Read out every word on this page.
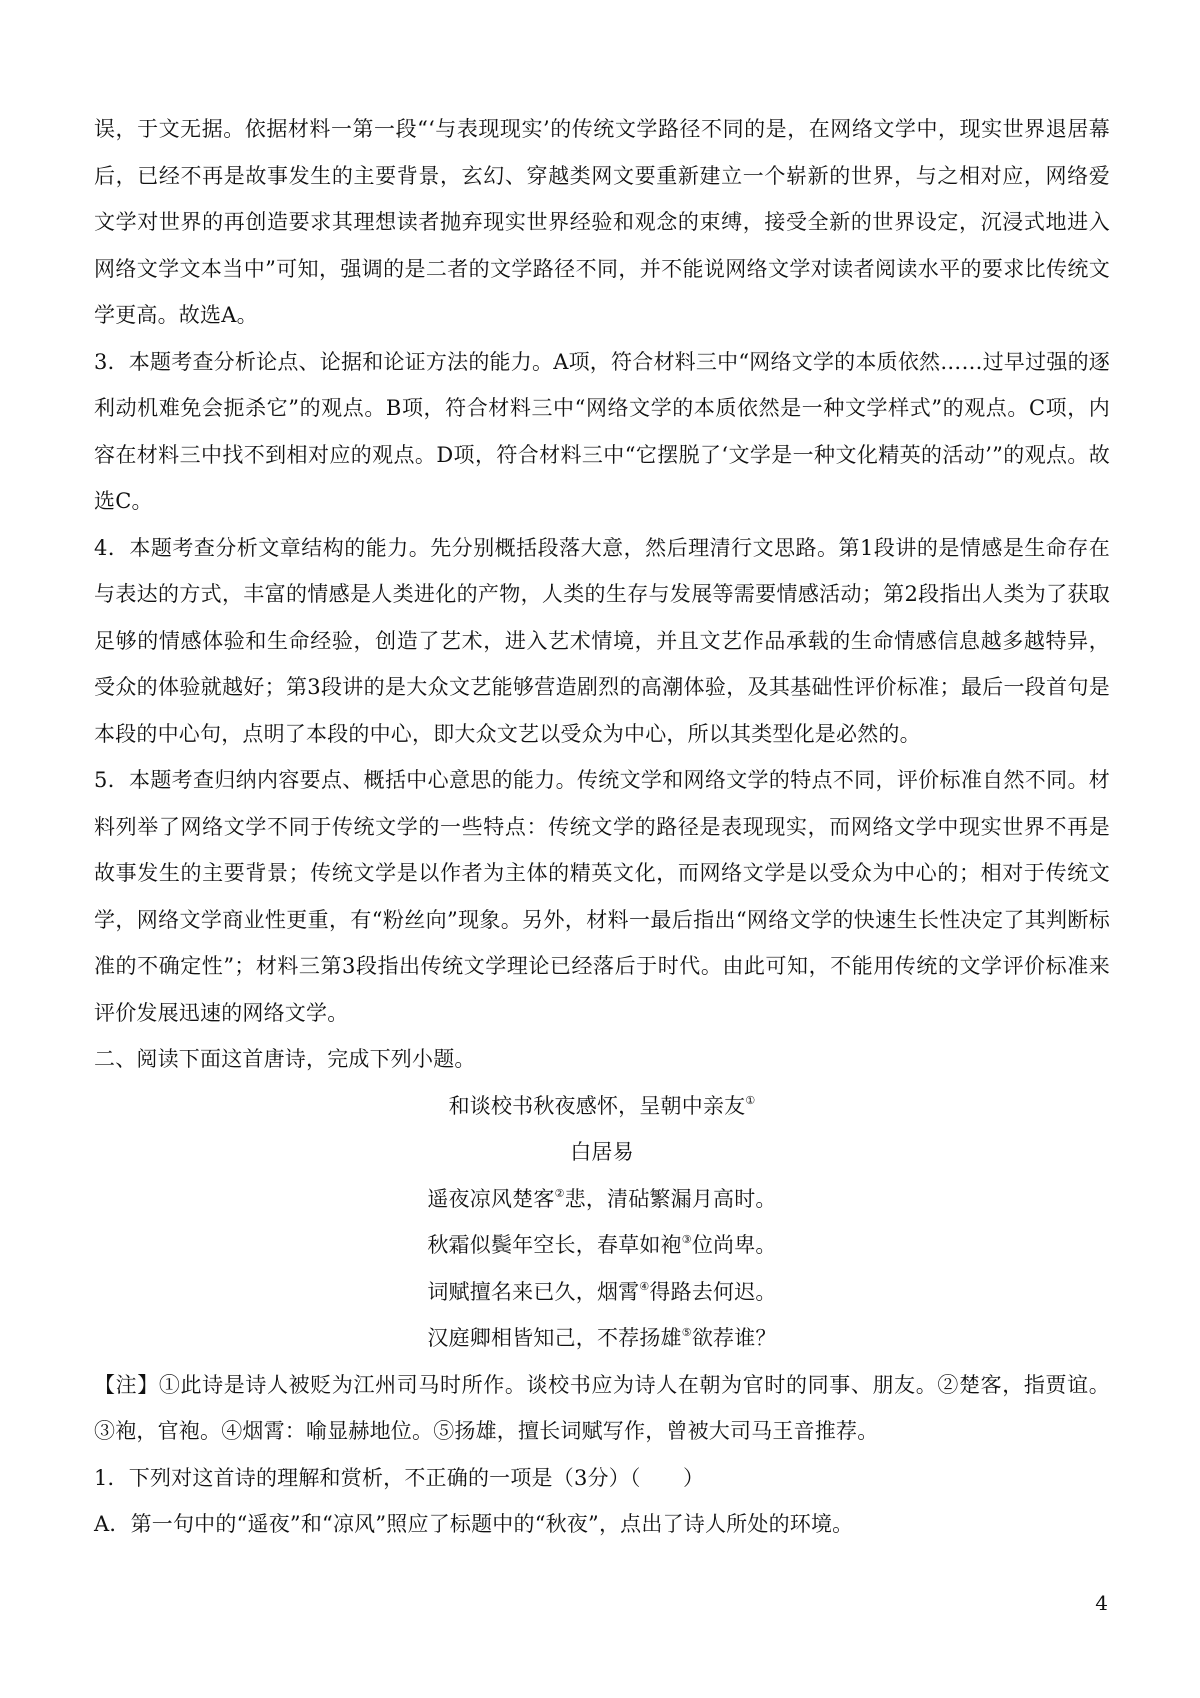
误，于文无据。依据材料一第一段“‘与表现现实’的传统文学路径不同的是，在网络文学中，现实世界退居幕后，已经不再是故事发生的主要背景，玄幻、穿越类网文要重新建立一个崭新的世界，与之相对应，网络爱文学对世界的再创造要求其理想读者抛弃现实世界经验和观念的束缚，接受全新的世界设定，沉浸式地进入网络文学文本当中”可知，强调的是二者的文学路径不同，并不能说网络文学对读者阅读水平的要求比传统文学更高。故选A。

3．本题考查分析论点、论据和论证方法的能力。A项，符合材料三中“网络文学的本质依然……过早过强的逐利动机难免会扼杀它”的观点。B项，符合材料三中“网络文学的本质依然是一种文学样式”的观点。C项，内容在材料三中找不到相对应的观点。D项，符合材料三中“它摆脱了‘文学是一种文化精英的活动’”的观点。故选C。

4．本题考查分析文章结构的能力。先分别概括段落大意，然后理清行文思路。第1段讲的是情感是生命存在与表达的方式，丰富的情感是人类进化的产物，人类的生存与发展等需要情感活动；第2段指出人类为了获取足够的情感体验和生命经验，创造了艺术，进入艺术情境，并且文艺作品承载的生命情感信息越多越特异，受众的体验就越好；第3段讲的是大众文艺能够营造剧烈的高潮体验，及其基础性评价标准；最后一段首句是本段的中心句，点明了本段的中心，即大众文艺以受众为中心，所以其类型化是必然的。

5．本题考查归纳内容要点、概括中心意思的能力。传统文学和网络文学的特点不同，评价标准自然不同。材料列举了网络文学不同于传统文学的一些特点：传统文学的路径是表现现实，而网络文学中现实世界不再是故事发生的主要背景；传统文学是以作者为主体的精英文化，而网络文学是以受众为中心的；相对于传统文学，网络文学商业性更重，有“粉丝向”现象。另外，材料一最后指出“网络文学的快速生长性决定了其判断标准的不确定性”；材料三第3段指出传统文学理论已经落后于时代。由此可知，不能用传统的文学评价标准来评价发展迅速的网络文学。

二、阅读下面这首唐诗，完成下列小题。

和谈校书秋夜感怀，呈朝中亲友①

白居易

遥夜凉风楚客②悲，清砧繁漏月高时。

秋霜似鬓年空长，春草如袍③位尚卑。

词赋擅名来已久，烟霄④得路去何迟。

汉庭卿相皆知己，不荐扬雄⑤欲荐谁？

【注】①此诗是诗人被贬为江州司马时所作。谈校书应为诗人在朝为官时的同事、朋友。②楚客，指贾谊。③袍，官袍。④烟霄：喻显赫地位。⑤扬雄，擅长词赋写作，曾被大司马王音推荐。

1．下列对这首诗的理解和赏析，不正确的一项是（3分）（　　）

A．第一句中的“遥夜”和“凉风”照应了标题中的“秋夜”，点出了诗人所处的环境。

4
